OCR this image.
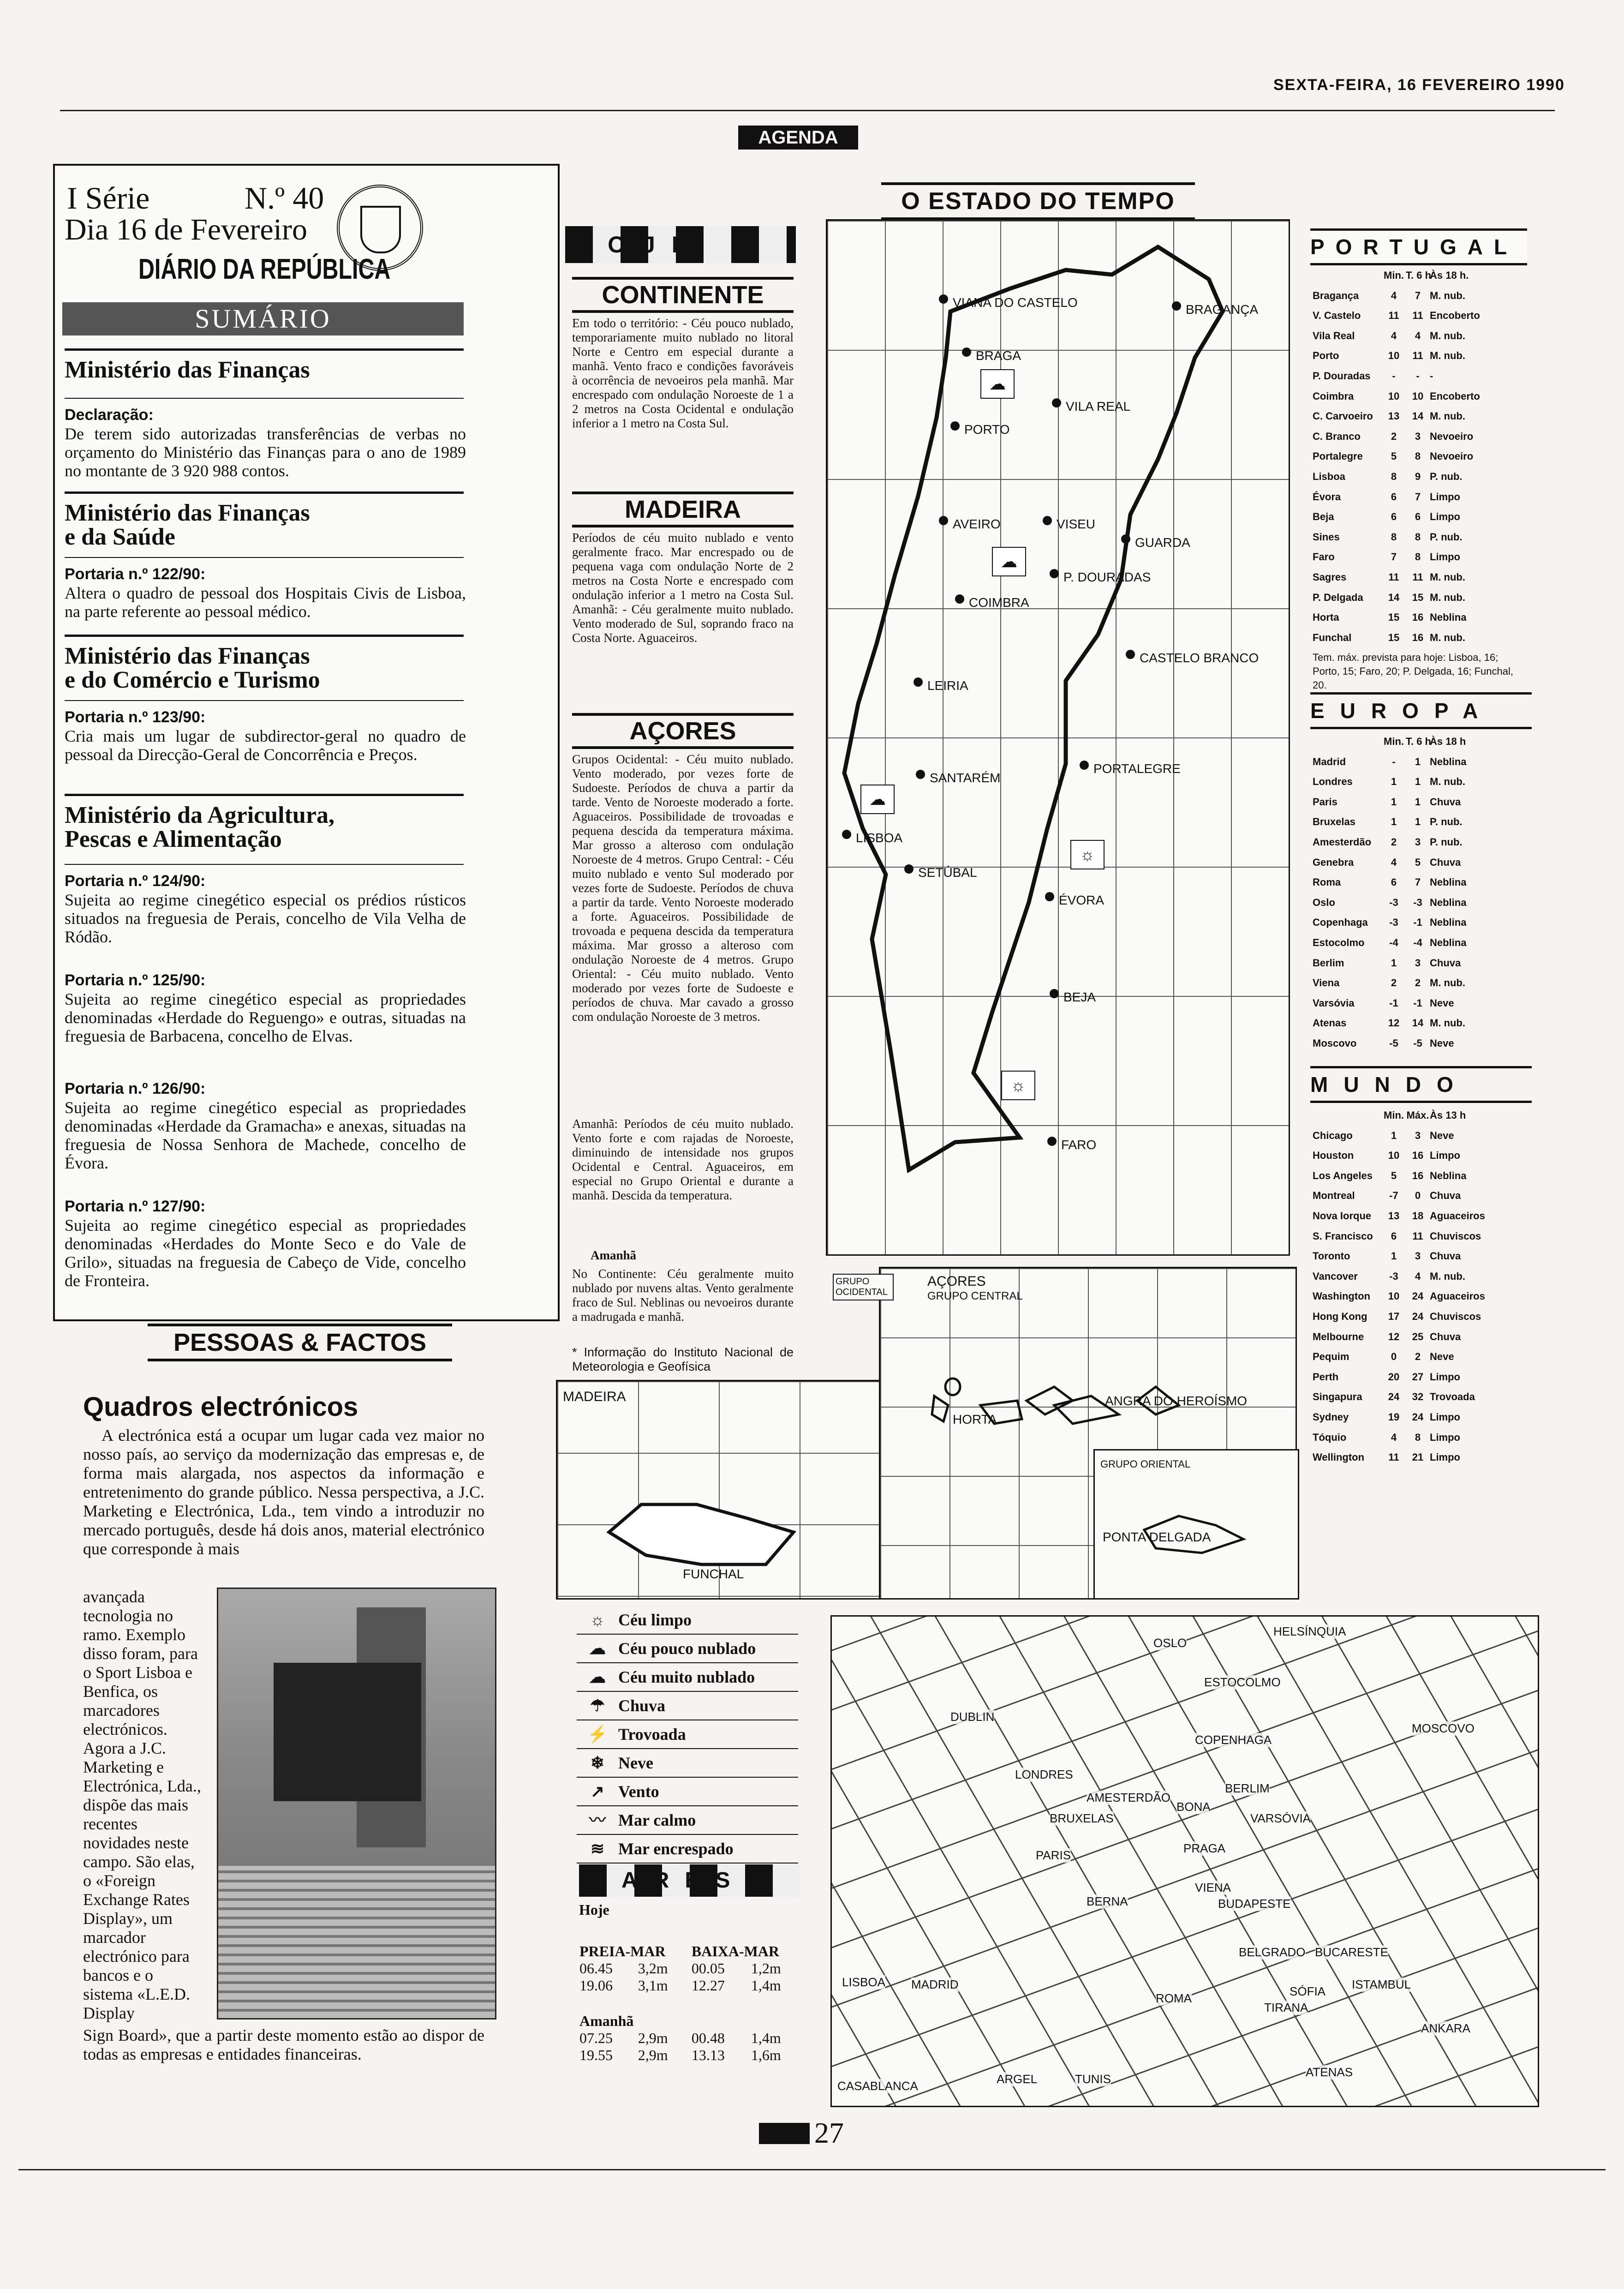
SEXTA-FEIRA, 16 FEVEREIRO 1990
AGENDA
I Série	N.º 40
Dia 16 de Fevereiro
DIÁRIO DA REPÚBLICA
SUMÁRIO
Ministério das Finanças
Declaração:
De terem sido autorizadas transferências de verbas no orçamento do Ministério das Finanças para o ano de 1989 no montante de 3 920 988 contos.
Ministério das Finanças
e da Saúde
Portaria n.º 122/90:
Altera o quadro de pessoal dos Hospitais Civis de Lisboa, na parte referente ao pessoal médico.
Ministério das Finanças
e do Comércio e Turismo
Portaria n.º 123/90:
Cria mais um lugar de subdirector-geral no quadro de pessoal da Direcção-Geral de Concorrência e Preços.
Ministério da Agricultura,
Pescas e Alimentação
Portaria n.º 124/90:
Sujeita ao regime cinegético especial os prédios rústicos situados na freguesia de Perais, concelho de Vila Velha de Ródão.
Portaria n.º 125/90:
Sujeita ao regime cinegético especial as propriedades denominadas «Herdade do Reguengo» e outras, situadas na freguesia de Barbacena, concelho de Elvas.
Portaria n.º 126/90:
Sujeita ao regime cinegético especial as propriedades denominadas «Herdade da Gramacha» e anexas, situadas na freguesia de Nossa Senhora de Machede, concelho de Évora.
Portaria n.º 127/90:
Sujeita ao regime cinegético especial as propriedades denominadas «Herdades do Monte Seco e do Vale de Grilo», situadas na freguesia de Cabeço de Vide, concelho de Fronteira.
PESSOAS & FACTOS
Quadros electrónicos
A electrónica está a ocupar um lugar cada vez maior no nosso país, ao serviço da modernização das empresas e, de forma mais alargada, nos aspectos da informação e entretenimento do grande público. Nessa perspectiva, a J.C. Marketing e Electrónica, Lda., tem vindo a introduzir no mercado português, desde há dois anos, material electrónico que corresponde à mais
avançada tecnologia no ramo. Exemplo disso foram, para o Sport Lisboa e Benfica, os marcadores electrónicos. Agora a J.C. Marketing e Electrónica, Lda., dispõe das mais recentes novidades neste campo. São elas, o «Foreign Exchange Rates Display», um marcador electrónico para bancos e o sistema «L.E.D. Display
Sign Board», que a partir deste momento estão ao dispor de todas as empresas e entidades financeiras.
O ESTADO DO TEMPO
HOJE
CONTINENTE
Em todo o território: - Céu pouco nublado, temporariamente muito nublado no litoral Norte e Centro em especial durante a manhã. Vento fraco e condições favoráveis à ocorrência de nevoeiros pela manhã. Mar encrespado com ondulação Noroeste de 1 a 2 metros na Costa Ocidental e ondulação inferior a 1 metro na Costa Sul.
MADEIRA
Períodos de céu muito nublado e vento geralmente fraco. Mar encrespado ou de pequena vaga com ondulação Norte de 2 metros na Costa Norte e encrespado com ondulação inferior a 1 metro na Costa Sul. Amanhã: - Céu geralmente muito nublado. Vento moderado de Sul, soprando fraco na Costa Norte. Aguaceiros.
AÇORES
Grupos Ocidental: - Céu muito nublado. Vento moderado, por vezes forte de Sudoeste. Períodos de chuva a partir da tarde. Vento de Noroeste moderado a forte. Aguaceiros. Possibilidade de trovoadas e pequena descida da temperatura máxima. Mar grosso a alteroso com ondulação Noroeste de 4 metros. Grupo Central: - Céu muito nublado e vento Sul moderado por vezes forte de Sudoeste. Períodos de chuva a partir da tarde. Vento Noroeste moderado a forte. Aguaceiros. Possibilidade de trovoada e pequena descida da temperatura máxima. Mar grosso a alteroso com ondulação Noroeste de 4 metros. Grupo Oriental: - Céu muito nublado. Vento moderado por vezes forte de Sudoeste e períodos de chuva. Mar cavado a grosso com ondulação Noroeste de 3 metros.
Amanhã: Períodos de céu muito nublado. Vento forte e com rajadas de Noroeste, diminuindo de intensidade nos grupos Ocidental e Central. Aguaceiros, em especial no Grupo Oriental e durante a manhã. Descida da temperatura.
Amanhã
No Continente: Céu geralmente muito nublado por nuvens altas. Vento geralmente fraco de Sul. Neblinas ou nevoeiros durante a madrugada e manhã.
* Informação do Instituto Nacional de Meteorologia e Geofísica
VIANA DO CASTELO	BRAGANÇA
BRAGA
VILA REAL
PORTO
AVEIRO	VISEU
GUARDA
P. DOURADAS
COIMBRA
CASTELO BRANCO
LEIRIA
SANTARÉM
PORTALEGRE
LISBOA
SETÚBAL
ÉVORA
BEJA
FARO
☁
☁
☁
☼
☼
MADEIRA
FUNCHAL
AÇORES
GRUPO OCIDENTAL	GRUPO CENTRAL
GRUPO ORIENTAL
HORTA
ANGRA DO HEROÍSMO
PONTA DELGADA
☼ Céu limpo
☁ Céu pouco nublado
☁ Céu muito nublado
☂ Chuva
⚡ Trovoada
❄ Neve
↗ Vento
〰 Mar calmo
≋ Mar encrespado
MARÉS
Hoje
PREIA-MAR		BAIXA-MAR	
06.45	3,2m	00.05	1,2m
19.06	3,1m	12.27	1,4m
Amanhã			
07.25	2,9m	00.48	1,4m
19.55	2,9m	13.13	1,6m
HELSÍNQUIA
OSLO
ESTOCOLMO
DUBLIN
COPENHAGA
MOSCOVO
LONDRES
AMESTERDÃO
BERLIM
BONA
BRUXELAS	VARSÓVIA
PRAGA
PARIS
VIENA
BERNA	BUDAPESTE
BELGRADO BUCARESTE
ISTAMBUL
SÓFIA
TIRANA
ROMA
ANKARA
LISBOA MADRID
ATENAS
ARGEL	TUNIS
CASABLANCA
PORTUGAL
Min. T. 6 hÀs 18 h.
Bragança	4 7 M. nub.
V. Castelo	11 11 Encoberto
Vila Real	4 4 M. nub.
Porto	10 11 M. nub.
P. Douradas - - -
Coimbra	10 10 Encoberto
C. Carvoeiro 13 14 M. nub.
C. Branco	2 3 Nevoeiro
Portalegre	5 8 Nevoeiro
Lisboa	8 9 P. nub.
Évora	6 7 Limpo
Beja	6 6 Limpo
Sines	8 8 P. nub.
Faro	7 8 Limpo
Sagres	11 11 M. nub.
P. Delgada 14 15 M. nub.
Horta	15 16 Neblina
Funchal	15 16 M. nub.
Tem. máx. prevista para hoje: Lisboa, 16; Porto, 15; Faro, 20; P. Delgada, 16; Funchal, 20.
EUROPA
Min. T. 6 hÀs 18 h
Madrid	- 1 Neblina
Londres	1 1 M. nub.
Paris	1 1 Chuva
Bruxelas	1 1 P. nub.
Amesterdão 2 3 P. nub.
Genebra	4 5 Chuva
Roma	6 7 Neblina
Oslo	-3 -3 Neblina
Copenhaga -3 -1 Neblina
Estocolmo -4 -4 Neblina
Berlim	1 3 Chuva
Viena	2 2 M. nub.
Varsóvia	-1 -1 Neve
Atenas	12 14 M. nub.
Moscovo	-5 -5 Neve
MUNDO
Min. Máx.Às 13 h
Chicago	1 3 Neve
Houston	10 16 Limpo
Los Angeles 5 16 Neblina
Montreal	-7 0 Chuva
Nova Iorque 13 18 Aguaceiros
S. Francisco 6 11 Chuviscos
Toronto	1 3 Chuva
Vancover	-3 4 M. nub.
Washington 10 24 Aguaceiros
Hong Kong 17 24 Chuviscos
Melbourne 12 25 Chuva
Pequim	0 2 Neve
Perth	20 27 Limpo
Singapura	24 32 Trovoada
Sydney	19 24 Limpo
Tóquio	4 8 Limpo
Wellington 11 21 Limpo
27
